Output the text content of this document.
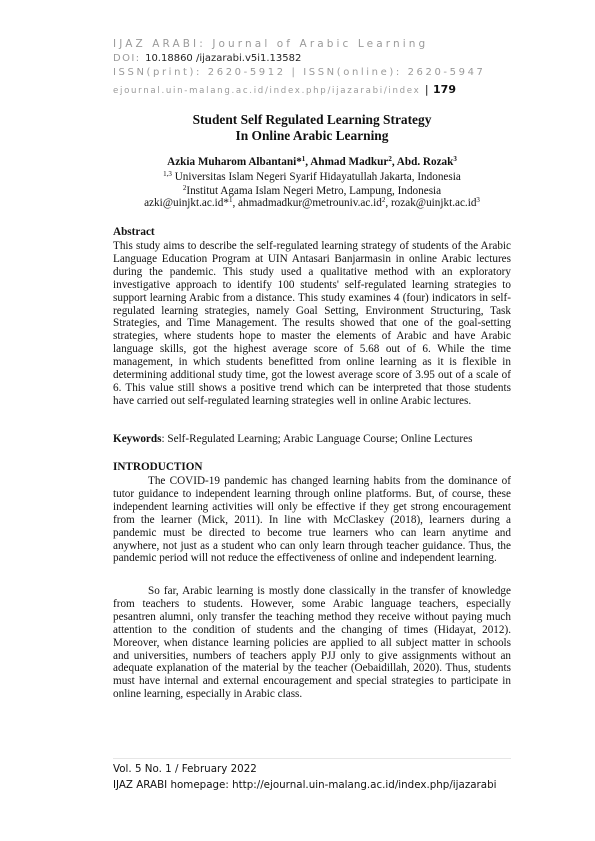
IJAZ ARABI: Journal of Arabic Learning
DOI: 10.18860 /ijazarabi.v5i1.13582
ISSN(print): 2620-5912 | ISSN(online): 2620-5947
ejournal.uin-malang.ac.id/index.php/ijazarabi/index | 179
Student Self Regulated Learning Strategy
In Online Arabic Learning
Azkia Muharom Albantani*$^1$, Ahmad Madkur$^2$, Abd. Rozak$^3$
$^{1,3}$ Universitas Islam Negeri Syarif Hidayatullah Jakarta, Indonesia
$^2$Institut Agama Islam Negeri Metro, Lampung, Indonesia
azki@uinjkt.ac.id*$^1$, $ahmadmadkur@metrouniv.ac.id^2$, $rozak@uinjkt.ac.id^3$
Abstract
This study aims to describe the self-regulated learning strategy of students of the Arabic Language Education Program at UIN Antasari Banjarmasin in online Arabic lectures during the pandemic. This study used a qualitative method with an exploratory investigative approach to identify 100 students' self-regulated learning strategies to support learning Arabic from a distance. This study examines 4 (four) indicators in self-regulated learning strategies, namely Goal Setting, Environment Structuring, Task Strategies, and Time Management. The results showed that one of the goal-setting strategies, where students hope to master the elements of Arabic and have Arabic language skills, got the highest average score of 5.68 out of 6. While the time management, in which students benefitted from online learning as it is flexible in determining additional study time, got the lowest average score of 3.95 out of a scale of 6. This value still shows a positive trend which can be interpreted that those students have carried out self-regulated learning strategies well in online Arabic lectures.
Keywords: Self-Regulated Learning; Arabic Language Course; Online Lectures
INTRODUCTION
The COVID-19 pandemic has changed learning habits from the dominance of tutor guidance to independent learning through online platforms. But, of course, these independent learning activities will only be effective if they get strong encouragement from the learner (Mick, 2011). In line with McClaskey (2018), learners during a pandemic must be directed to become true learners who can learn anytime and anywhere, not just as a student who can only learn through teacher guidance. Thus, the pandemic period will not reduce the effectiveness of online and independent learning.
So far, Arabic learning is mostly done classically in the transfer of knowledge from teachers to students. However, some Arabic language teachers, especially pesantren alumni, only transfer the teaching method they receive without paying much attention to the condition of students and the changing of times (Hidayat, 2012). Moreover, when distance learning policies are applied to all subject matter in schools and universities, numbers of teachers apply PJJ only to give assignments without an adequate explanation of the material by the teacher (Oebaidillah, 2020). Thus, students must have internal and external encouragement and special strategies to participate in online learning, especially in Arabic class.
Vol. 5 No. 1 / February 2022
IJAZ ARABI homepage: http://ejournal.uin-malang.ac.id/index.php/ijazarabi
